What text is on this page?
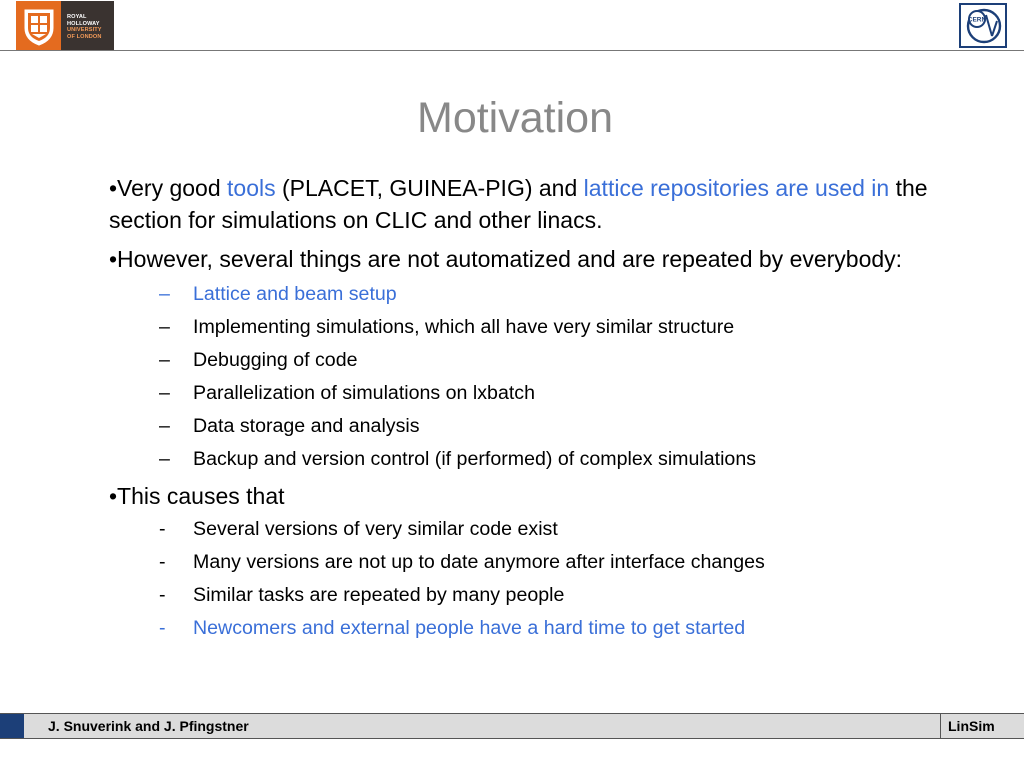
ROYAL
HOLLOWAY
UNIVERSITY
OF LONDON
CERN
Motivation
•Very good tools (PLACET, GUINEA-PIG) and lattice repositories are used in the section for simulations on CLIC and other linacs.
•However, several things are not automatized and are repeated by everybody:
– Lattice and beam setup
– Implementing simulations, which all have very similar structure
– Debugging of code
– Parallelization of simulations on lxbatch
– Data storage and analysis
– Backup and version control (if performed) of complex simulations
•This causes that
- Several versions of very similar code exist
- Many versions are not up to date anymore after interface changes
- Similar tasks are repeated by many people
- Newcomers and external people have a hard time to get started
J. Snuverink and J. Pfingstner	LinSim
